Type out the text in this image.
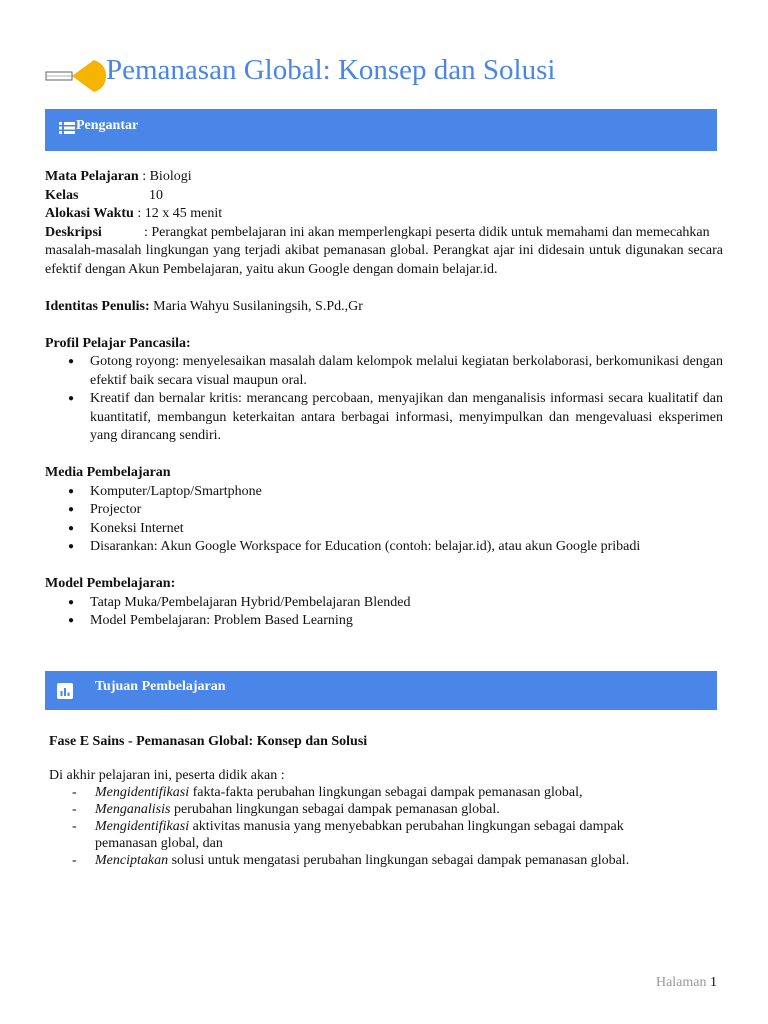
Pemanasan Global: Konsep dan Solusi
Pengantar

Mata Pelajaran : Biologi

Kelas	10

Alokasi Waktu : 12 x 45 menit

Deskripsi	: Perangkat pembelajaran ini akan memperlengkapi peserta didik untuk memahami dan memecahkan

masalah-masalah lingkungan yang terjadi akibat pemanasan global. Perangkat ajar ini didesain untuk digunakan secara efektif dengan Akun Pembelajaran, yaitu akun Google dengan domain belajar.id.

Identitas Penulis: Maria Wahyu Susilaningsih, S.Pd.,Gr

Profil Pelajar Pancasila:

● Gotong royong: menyelesaikan masalah dalam kelompok melalui kegiatan berkolaborasi, berkomunikasi dengan efektif baik secara visual maupun oral.
● Kreatif dan bernalar kritis: merancang percobaan, menyajikan dan menganalisis informasi secara kualitatif dan kuantitatif, membangun keterkaitan antara berbagai informasi, menyimpulkan dan mengevaluasi eksperimen yang dirancang sendiri.

Media Pembelajaran

● Komputer/Laptop/Smartphone
● Projector
● Koneksi Internet
● Disarankan: Akun Google Workspace for Education (contoh: belajar.id), atau akun Google pribadi

Model Pembelajaran:

● Tatap Muka/Pembelajaran Hybrid/Pembelajaran Blended
● Model Pembelajaran: Problem Based Learning
Tujuan Pembelajaran

Fase E Sains - Pemanasan Global: Konsep dan Solusi

Di akhir pelajaran ini, peserta didik akan :

- Mengidentifikasi fakta-fakta perubahan lingkungan sebagai dampak pemanasan global,
- Menganalisis perubahan lingkungan sebagai dampak pemanasan global.
- Mengidentifikasi aktivitas manusia yang menyebabkan perubahan lingkungan sebagai dampak pemanasan global, dan
- Menciptakan solusi untuk mengatasi perubahan lingkungan sebagai dampak pemanasan global.
Halaman 1
